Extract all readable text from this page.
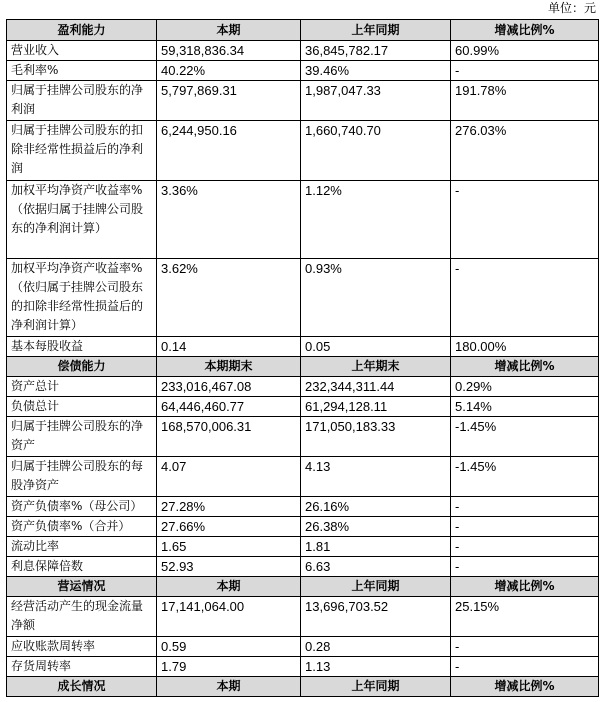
单位：元
盈利能力	本期	上年同期	增减比例%
营业收入	59,318,836.34	36,845,782.17	60.99%
毛利率%	40.22%	39.46%	-
归属于挂牌公司股东的净利润	5,797,869.31	1,987,047.33	191.78%
归属于挂牌公司股东的扣除非经常性损益后的净利润	6,244,950.16	1,660,740.70	276.03%
加权平均净资产收益率%（依据归属于挂牌公司股东的净利润计算）	3.36%	1.12%	-
加权平均净资产收益率%（依归属于挂牌公司股东的扣除非经常性损益后的净利润计算）	3.62%	0.93%	-
基本每股收益	0.14	0.05	180.00%
偿债能力	本期期末	上年期末	增减比例%
资产总计	233,016,467.08	232,344,311.44	0.29%
负债总计	64,446,460.77	61,294,128.11	5.14%
归属于挂牌公司股东的净资产	168,570,006.31	171,050,183.33	-1.45%
归属于挂牌公司股东的每股净资产	4.07	4.13	-1.45%
资产负债率%（母公司）	27.28%	26.16%	-
资产负债率%（合并）	27.66%	26.38%	-
流动比率	1.65	1.81	-
利息保障倍数	52.93	6.63	-
营运情况	本期	上年同期	增减比例%
经营活动产生的现金流量净额	17,141,064.00	13,696,703.52	25.15%
应收账款周转率	0.59	0.28	-
存货周转率	1.79	1.13	-
成长情况	本期	上年同期	增减比例%
